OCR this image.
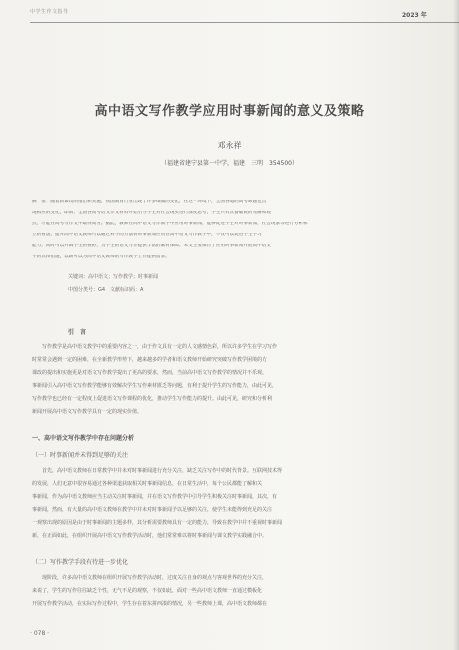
中学生作文指导	2023 年
高中语文写作教学应用时事新闻的意义及策略
邓永祥
（福建省建宁县第一中学，福建　三明　354500）
摘　要：随着新课改的推出和实施，我国教育行业出现了许多细微的变化，在这一环境下，全国各地的高考命题也出
现相应的变化，即新、全国各高考语文作文材料开始引导学生对社会现实进行深度思考，学生只有具备敏锐的见解和观
点，才能在高考写作文中取得高分。据此，教师在高中语文写作教学中应用时事新闻，能够促进学生对时事新闻，社会现象等进行分析和
立的看法，提升高中语文教师可以通过科学的方法将时事新闻应用在高中语文写作教学中，不仅可以促进学生学习
能力，同时可以开阔学生的视野，为学生的语文写作提供丰富的素材保障。本文主要探讨了应用时事新闻开展高中语文
学的具体措施，以期可以为高中语文教师的写作教学工作提供借鉴。
关键词：高中语文；写作教学；时事新闻
中图分类号：G4　文献标识码：A
引　言
写作教学是高中语文教学中的重要内容之一，由于作文具有一定的人文感情色彩，所以许多学生在学习写作
时常常会遇到一定的困难，在全新教学形势下，越来越多的学者和语文教师开始研究突破写作教学困境的方
课改的提出和实施更是对语文写作教学提出了更高的要求，然而，当前高中语文写作教学的情况并不乐观。
事新闻引入高中语文写作教学能够有效解决学生写作素材匮乏等问题，有利于提升学生的写作能力，由此可见，
写作教学也已经有一定程度上促进语文写作课程的优化，推动学生写作能力的提升。由此可见，研究和分析利
新闻开展高中语文写作教学具有一定的现实价值。
一、高中语文写作教学中存在问题分析
（一）时事新闻并未得到足够的关注
首先，高中语文教师在日常教学中并未对时事新闻进行充分关注，缺乏关注写作中的时代背景。互联网技术得
的发展，人们无意中很容易通过各种渠道获取相关时事新闻信息，在日常生活中，每个公民都能了解和关
事新闻，作为高中语文教师应当主动关注时事新闻，并在语文写作教学中引导学生积极关注时事新闻，其次，有
事新闻，然而，有大量的高中语文教师在教学中并未对时事新闻予以足够的关注，使学生未能得到充足的关注
一观察出现的原因是由于时事新闻的主题多样，其分析需要教师具有一定的能力，导致在教学中并不重视时事新闻
新，在正面如此，在组织开展高中语文写作教学活动时，他们常常难以将时事新闻与课文教学实践融合中。
（二）写作教学手段有待进一步优化
现阶段，许多高中语文教师在组织开展写作教学活动时，过度关注自身的观点与客观世界的充分关注，
来说了，学生的写作往往缺乏个性，无气不足的观察，不仅如此，面对一些高中语文教师一直通过模板化
开展写作教学活动，在实际写作过程中，学生存在着东拼西凑的情况，另一些教师上课，高中语文教师都在
· 078 ·
